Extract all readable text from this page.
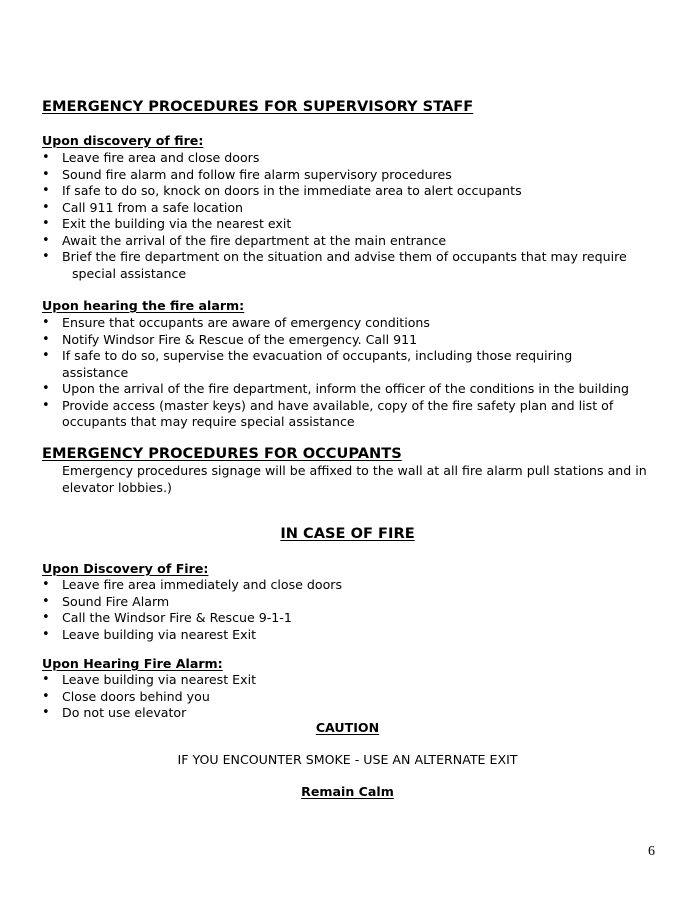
EMERGENCY PROCEDURES FOR SUPERVISORY STAFF
Upon discovery of fire:
• Leave fire area and close doors
• Sound fire alarm and follow fire alarm supervisory procedures
• If safe to do so, knock on doors in the immediate area to alert occupants
• Call 911 from a safe location
• Exit the building via the nearest exit
• Await the arrival of the fire department at the main entrance
• Brief the fire department on the situation and advise them of occupants that may require
special assistance
Upon hearing the fire alarm:
• Ensure that occupants are aware of emergency conditions
• Notify Windsor Fire & Rescue of the emergency. Call 911
• If safe to do so, supervise the evacuation of occupants, including those requiring assistance
• Upon the arrival of the fire department, inform the officer of the conditions in the building
• Provide access (master keys) and have available, copy of the fire safety plan and list of occupants that may require special assistance
EMERGENCY PROCEDURES FOR OCCUPANTS
Emergency procedures signage will be affixed to the wall at all fire alarm pull stations and in elevator lobbies.)
IN CASE OF FIRE
Upon Discovery of Fire:
• Leave fire area immediately and close doors
• Sound Fire Alarm
• Call the Windsor Fire & Rescue 9-1-1
• Leave building via nearest Exit
Upon Hearing Fire Alarm:
• Leave building via nearest Exit
• Close doors behind you
• Do not use elevator
CAUTION
IF YOU ENCOUNTER SMOKE - USE AN ALTERNATE EXIT
Remain Calm
6
